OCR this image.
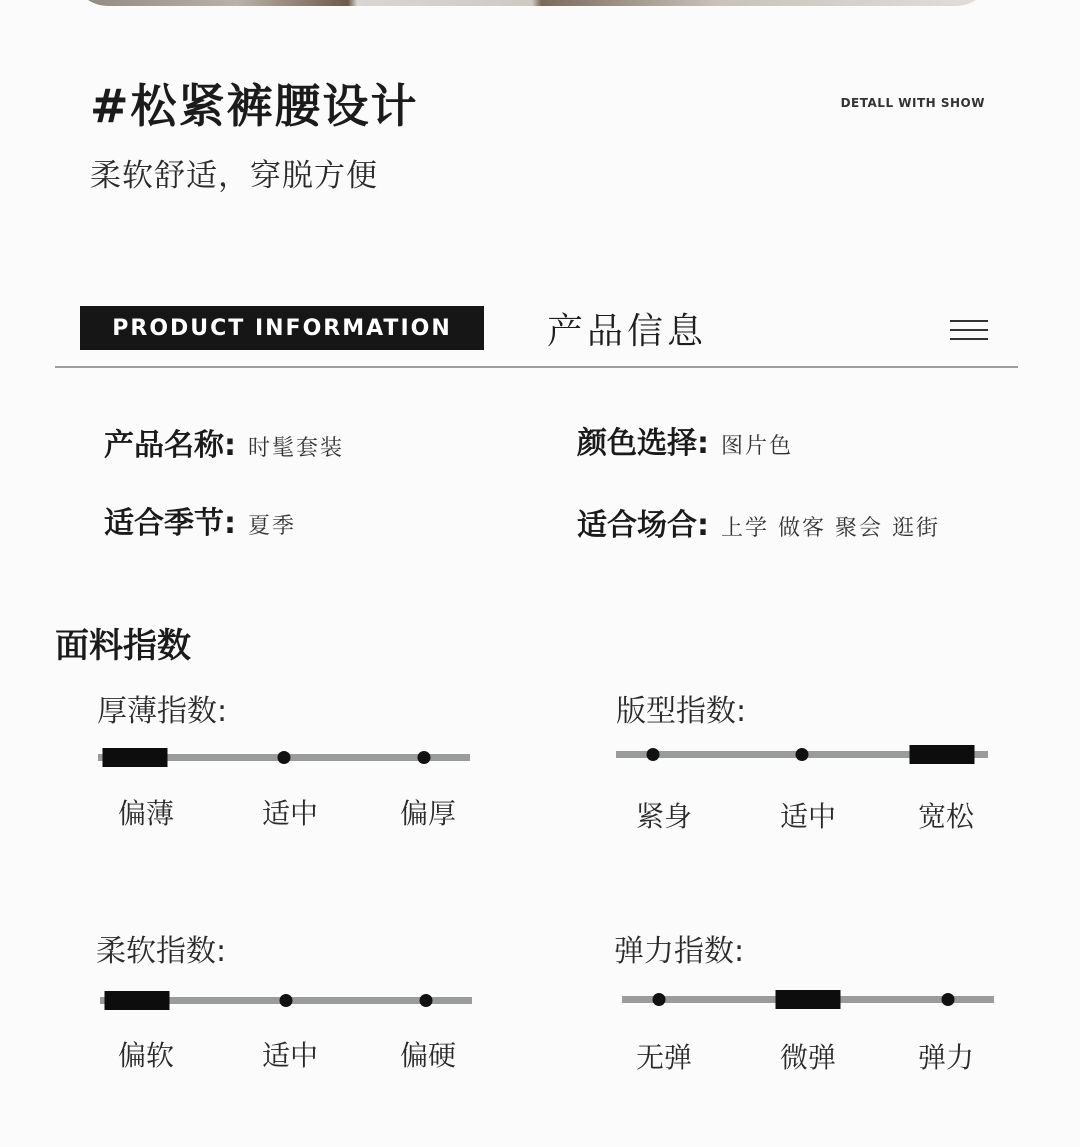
#松紧裤腰设计	DETALL WITH SHOW
柔软舒适，穿脱方便
PRODUCT INFORMATION	产品信息
产品名称: 时髦套装	颜色选择: 图片色
适合季节: 夏季	适合场合: 上学 做客 聚会 逛街
面料指数
厚薄指数:
偏薄	适中	偏厚
版型指数:
紧身	适中	宽松
柔软指数:
偏软	适中	偏硬
弹力指数:
无弹	微弹	弹力
